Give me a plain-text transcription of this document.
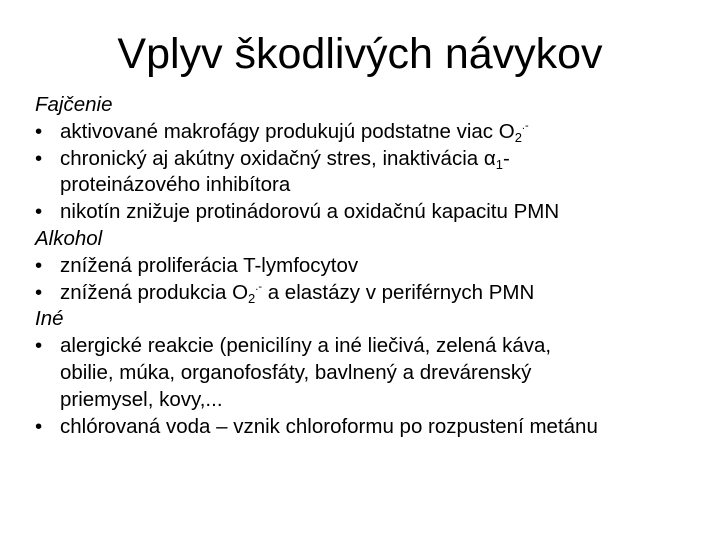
Vplyv škodlivých návykov
Fajčenie
• aktivované makrofágy produkujú podstatne viac $O_2^{.-}$
• chronický aj akútny oxidačný stres, inaktivácia $\alpha_1-$
proteinázového inhibítora
• nikotín znižuje protinádorovú a oxidačnú kapacitu PMN
Alkohol
• znížená proliferácia T-lymfocytov
• znížená produkcia $O_2^{.-}$ a elastázy v periférnych PMN
Iné
• alergické reakcie (penicilíny a iné liečivá, zelená káva,
obilie, múka, organofosfáty, bavlnený a drevárenský
priemysel, kovy,...
• chlórovaná voda – vznik chloroformu po rozpustení metánu
